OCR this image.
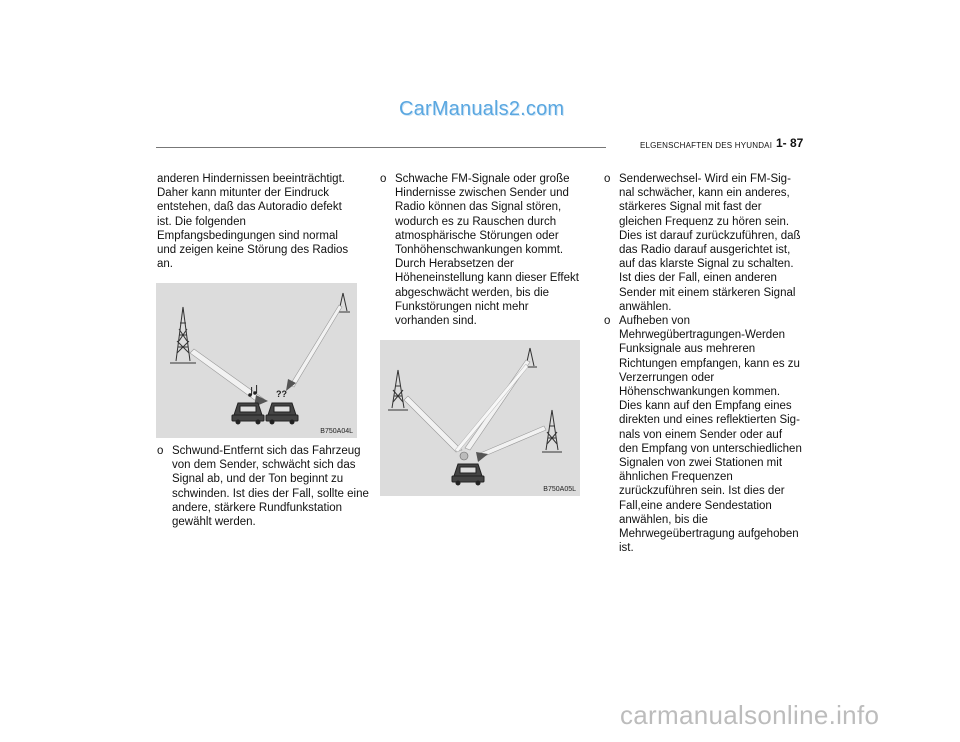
CarManuals2.com
ELGENSCHAFTEN DES HYUNDAI 1- 87

anderen Hindernissen beeinträchtigt. Daher kann mitunter der Eindruck entstehen, daß das Autoradio defekt ist. Die folgenden Empfangsbedingungen sind normal und zeigen keine Störung des Radios an.

o Schwund-Entfernt sich das Fahrzeug von dem Sender, schwächt sich das Signal ab, und der Ton beginnt zu schwinden. Ist dies der Fall, sollte eine andere, stärkere Rundfunkstation gewählt werden.
??
B750A04L
o Schwache FM-Signale oder große Hindernisse zwischen Sender und Radio können das Signal stören, wodurch es zu Rauschen durch atmosphärische Störungen oder Tonhöhenschwankungen kommt. Durch Herabsetzen der Höheneinstellung kann dieser Effekt abgeschwächt werden, bis die Funkstörungen nicht mehr vorhanden sind.
B750A05L
o Senderwechsel- Wird ein FM-Sig-nal schwächer, kann ein anderes, stärkeres Signal mit fast der gleichen Frequenz zu hören sein. Dies ist darauf zurückzuführen, daß das Radio darauf ausgerichtet ist, auf das klarste Signal zu schalten. Ist dies der Fall, einen anderen Sender mit einem stärkeren Signal anwählen.
o Aufheben von Mehrwegübertragungen-Werden Funksignale aus mehreren Richtungen empfangen, kann es zu Verzerrungen oder Höhenschwankungen kommen. Dies kann auf den Empfang eines direkten und eines reflektierten Sig-nals von einem Sender oder auf den Empfang von unterschiedlichen Signalen von zwei Stationen mit ähnlichen Frequenzen zurückzuführen sein. Ist dies der Fall,eine andere Sendestation anwählen, bis die Mehrwegeübertragung aufgehoben ist.
carmanualsonline.info
